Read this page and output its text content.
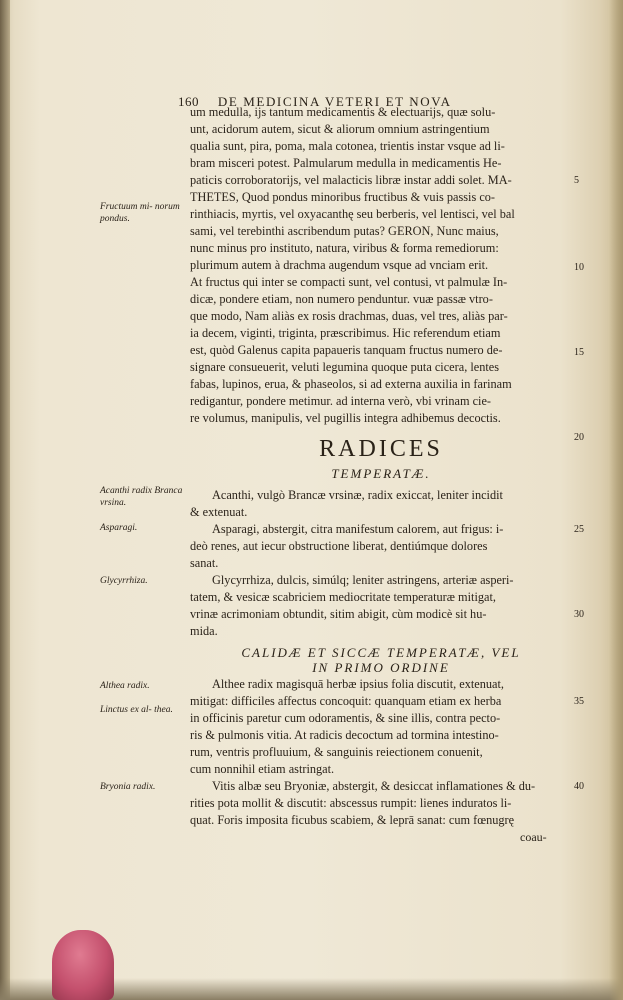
160 DE MEDICINA VETERI ET NOVA
um medulla, ijs tantum medicamentis & electuarijs, quæ solu-
unt, acidorum autem, sicut & aliorum omnium astringentium
qualia sunt, pira, poma, mala cotonea, trientis instar vsque ad li-
bram misceri potest. Palmularum medulla in medicamentis He-
paticis corroboratorijs, vel malacticis libræ instar addi solet. MA-
THETES, Quod pondus minoribus fructibus & vuis passis co-
rinthiacis, myrtis, vel oxyacanthę seu berberis, vel lentisci, vel bal
sami, vel terebinthi ascribendum putas? GERON, Nunc maius,
nunc minus pro instituto, natura, viribus & forma remediorum:
plurimum autem à drachma augendum vsque ad vnciam erit.
At fructus qui inter se compacti sunt, vel contusi, vt palmulæ In-
dicæ, pondere etiam, non numero penduntur. vuæ passæ vtro-
que modo, Nam aliàs ex rosis drachmas, duas, vel tres, aliàs par-
ia decem, viginti, triginta, præscribimus. Hic referendum etiam
est, quòd Galenus capita papaueris tanquam fructus numero de-
signare consueuerit, veluti legumina quoque puta cicera, lentes
fabas, lupinos, erua, & phaseolos, si ad externa auxilia in farinam
redigantur, pondere metimur. ad interna verò, vbi vrinam cie-
re volumus, manipulis, vel pugillis integra adhibemus decoctis.
RADICES
TEMPERATÆ.
Acanthi, vulgò Brancæ vrsinæ, radix exiccat, leniter incidit
& extenuat.
Asparagi, abstergit, citra manifestum calorem, aut frigus: i-
deò renes, aut iecur obstructione liberat, dentiúmque dolores
sanat.
Glycyrrhiza, dulcis, simúlq; leniter astringens, arteriæ asperi-
tatem, & vesicæ scabriciem mediocritate temperaturæ mitigat,
vrinæ acrimoniam obtundit, sitim abigit, cùm modicè sit hu-
mida.
CALIDÆ ET SICCÆ TEMPERATÆ, VEL
IN PRIMO ORDINE
Althee radix magisquā herbæ ipsius folia discutit, extenuat,
mitigat: difficiles affectus concoquit: quanquam etiam ex herba
in officinis paretur cum odoramentis, & sine illis, contra pecto-
ris & pulmonis vitia. At radicis decoctum ad tormina intestino-
rum, ventris profluuium, & sanguinis reiectionem conuenit,
cum nonnihil etiam astringat.
Vitis albæ seu Bryoniæ, abstergit, & desiccat inflamationes & du-
rities pota mollit & discutit: abscessus rumpit: lienes induratos li-
quat. Foris imposita ficubus scabiem, & leprā sanat: cum fœnugrę
coau-
Fructuum mi- norum pondus.
Acanthi radix Branca vrsina.
Asparagi.
Glycyrrhiza.
Althea radix.
Linctus ex al- thea.
Bryonia radix.
5
10
15
20
25
30
35
40
